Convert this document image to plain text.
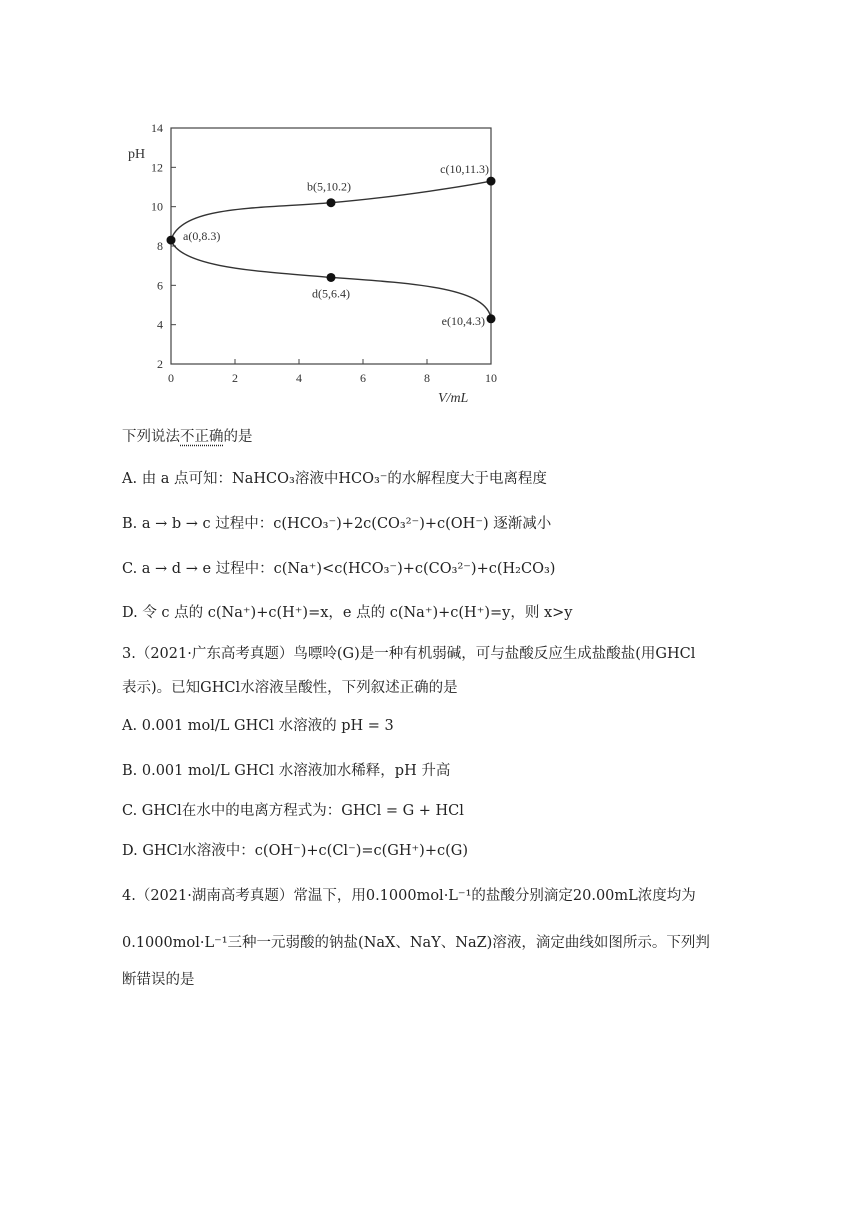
2
4
6
8
10
12
14
0	2	4	6	8	10
pH
V/mL
a(0,8.3)
b(5,10.2)
c(10,11.3)
d(5,6.4)
e(10,4.3)
下列说法不正确的是
A. 由 a 点可知：NaHCO₃溶液中HCO₃⁻的水解程度大于电离程度
B. a → b → c 过程中：c(HCO₃⁻)+2c(CO₃²⁻)+c(OH⁻) 逐渐减小
C. a → d → e 过程中：c(Na⁺)<c(HCO₃⁻)+c(CO₃²⁻)+c(H₂CO₃)
D. 令 c 点的 c(Na⁺)+c(H⁺)=x，e 点的 c(Na⁺)+c(H⁺)=y，则 x>y
3.（2021·广东高考真题）鸟嘌呤(G)是一种有机弱碱，可与盐酸反应生成盐酸盐(用GHCl
表示)。已知GHCl水溶液呈酸性，下列叙述正确的是
A. 0.001 mol/L GHCl 水溶液的 pH = 3
B. 0.001 mol/L GHCl 水溶液加水稀释，pH 升高
C. GHCl在水中的电离方程式为：GHCl = G + HCl
D. GHCl水溶液中：c(OH⁻)+c(Cl⁻)=c(GH⁺)+c(G)
4.（2021·湖南高考真题）常温下，用0.1000mol·L⁻¹的盐酸分别滴定20.00mL浓度均为
0.1000mol·L⁻¹三种一元弱酸的钠盐(NaX、NaY、NaZ)溶液，滴定曲线如图所示。下列判
断错误的是
